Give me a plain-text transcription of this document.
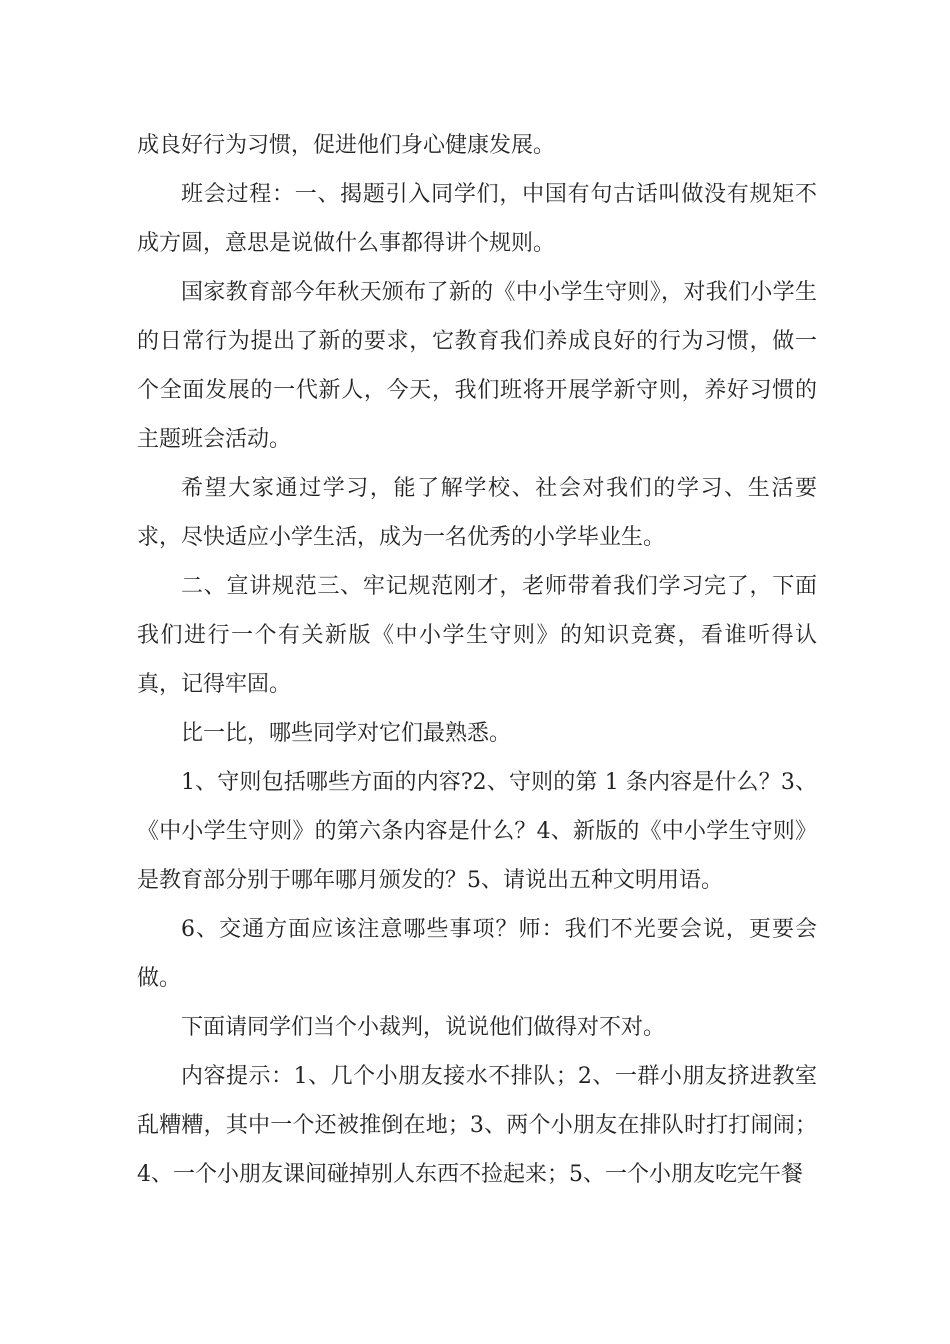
成良好行为习惯，促进他们身心健康发展。

班会过程：一、揭题引入同学们，中国有句古话叫做没有规矩不成方圆，意思是说做什么事都得讲个规则。

国家教育部今年秋天颁布了新的《中小学生守则》，对我们小学生的日常行为提出了新的要求，它教育我们养成良好的行为习惯，做一个全面发展的一代新人，今天，我们班将开展学新守则，养好习惯的主题班会活动。

希望大家通过学习，能了解学校、社会对我们的学习、生活要求，尽快适应小学生活，成为一名优秀的小学毕业生。

二、宣讲规范三、牢记规范刚才，老师带着我们学习完了，下面我们进行一个有关新版《中小学生守则》的知识竞赛，看谁听得认真，记得牢固。

比一比，哪些同学对它们最熟悉。

1、守则包括哪些方面的内容?2、守则的第 1 条内容是什么？3、《中小学生守则》的第六条内容是什么？4、新版的《中小学生守则》是教育部分别于哪年哪月颁发的？5、请说出五种文明用语。

6、交通方面应该注意哪些事项？师：我们不光要会说，更要会做。

下面请同学们当个小裁判，说说他们做得对不对。

内容提示：1、几个小朋友接水不排队；2、一群小朋友挤进教室乱糟糟，其中一个还被推倒在地；3、两个小朋友在排队时打打闹闹；4、一个小朋友课间碰掉别人东西不捡起来；5、一个小朋友吃完午餐
